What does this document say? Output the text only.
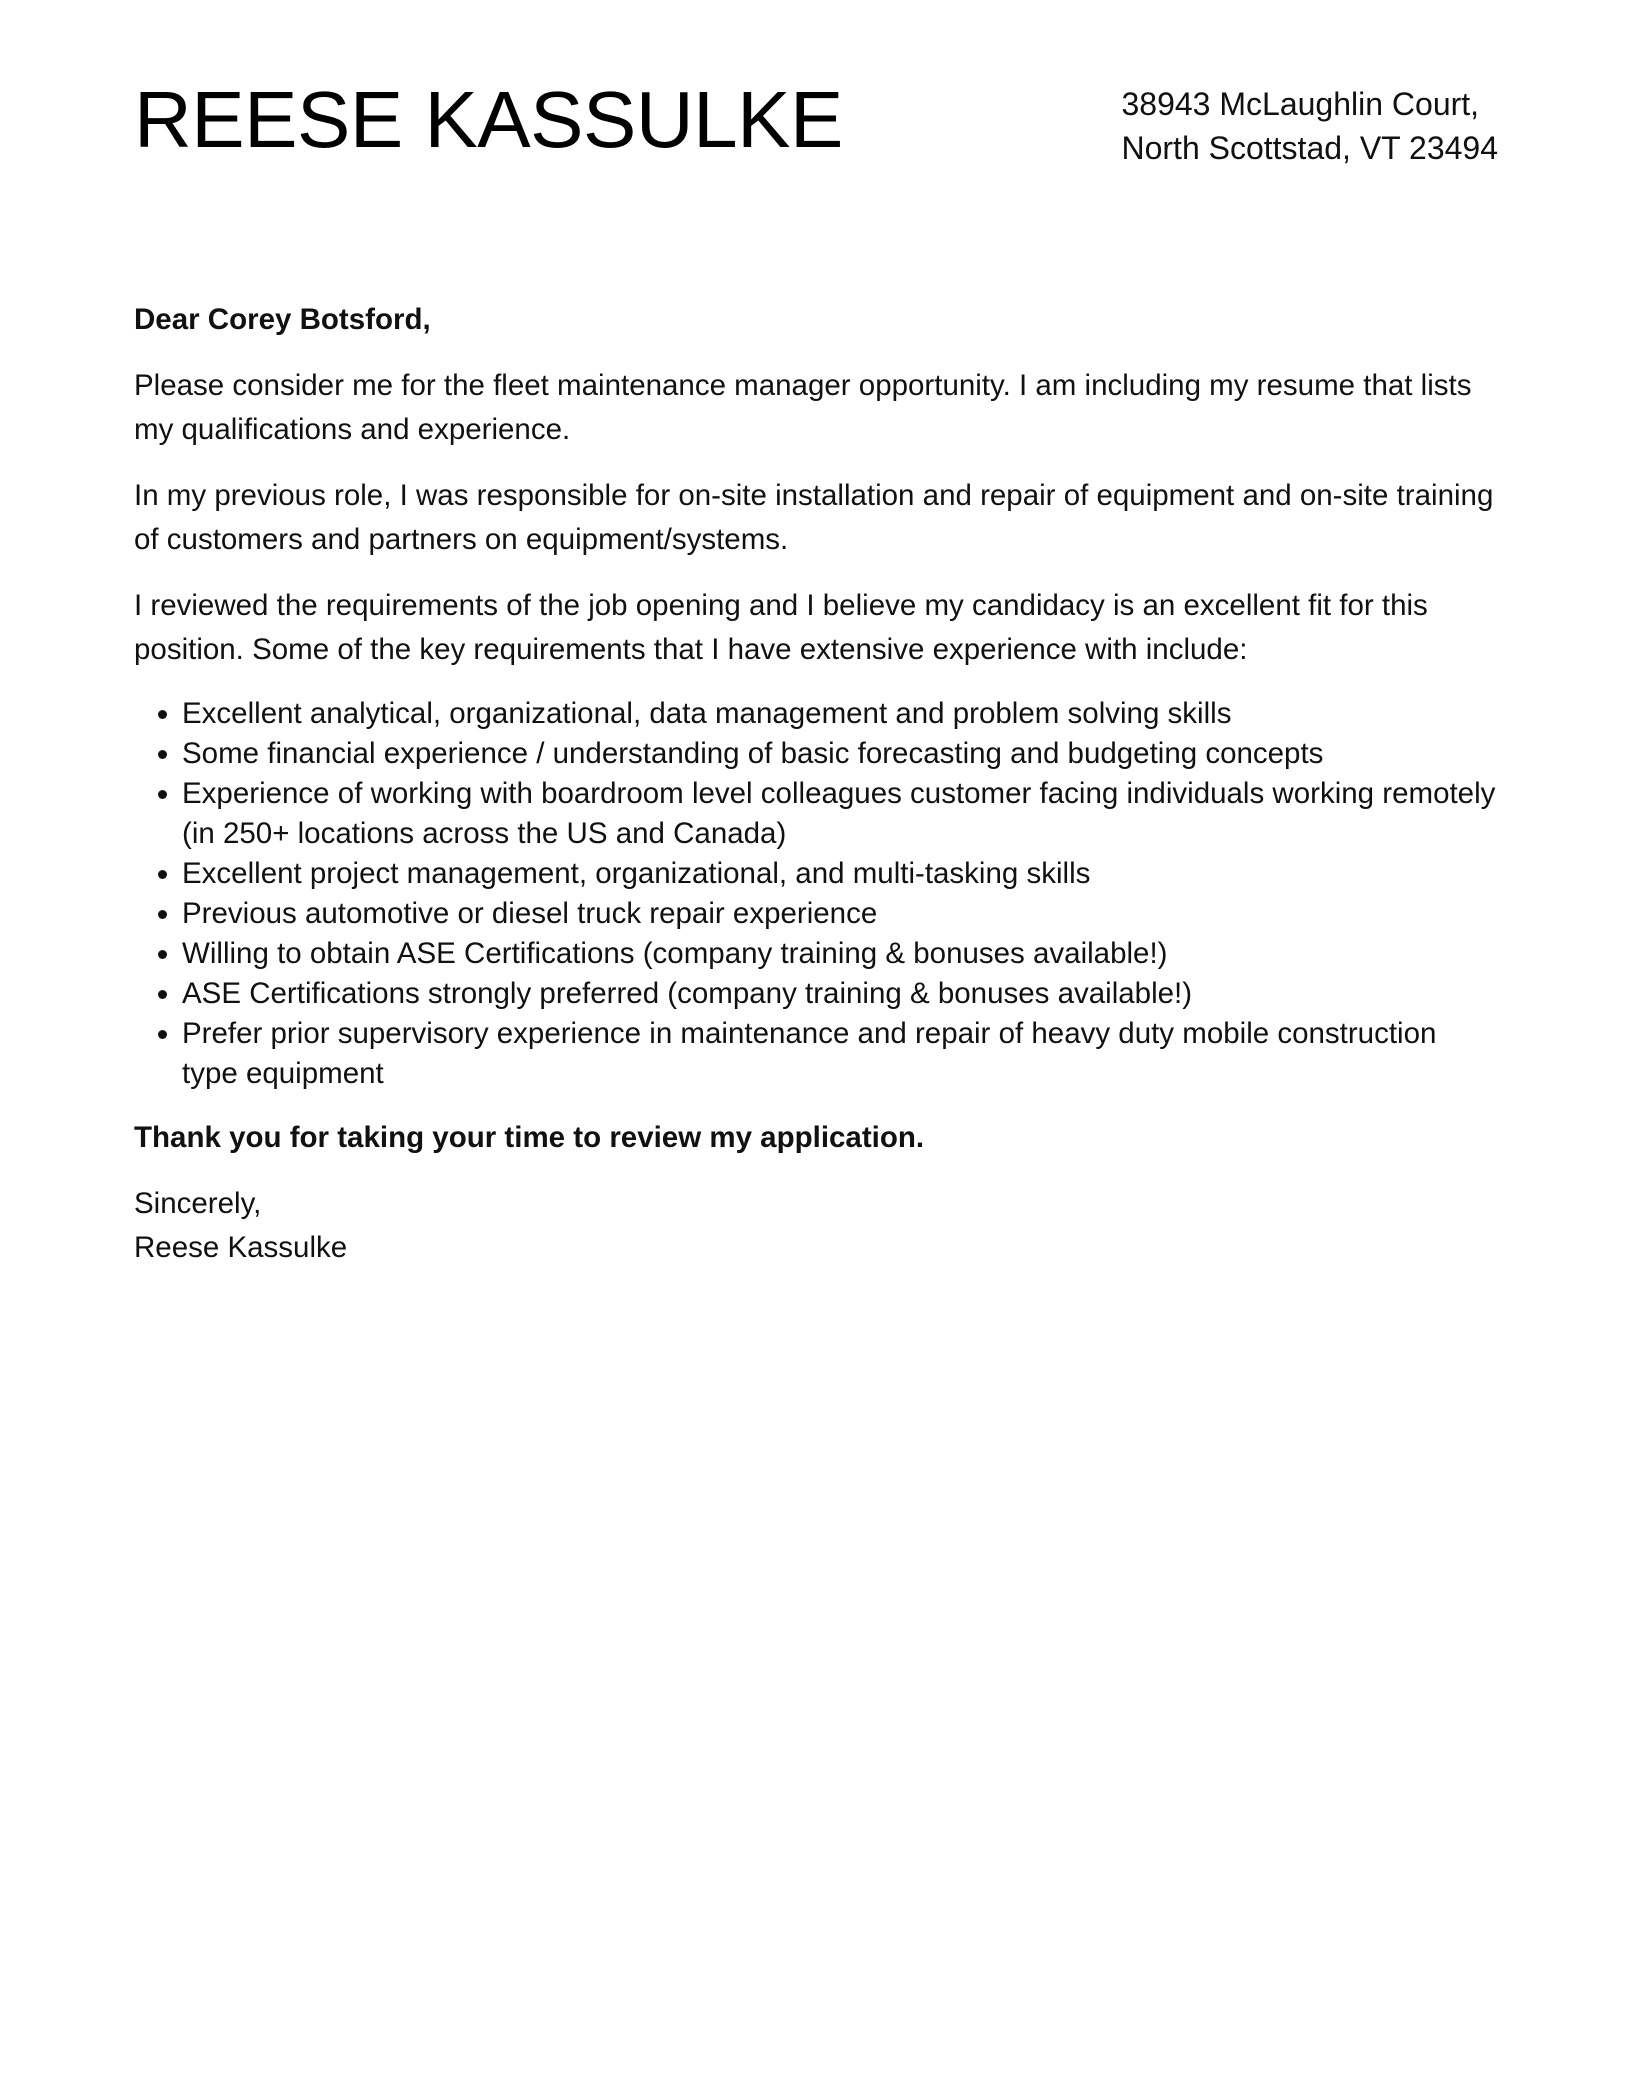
REESE KASSULKE	38943 McLaughlin Court,
North Scottstad, VT 23494

Dear Corey Botsford,

Please consider me for the fleet maintenance manager opportunity. I am including my resume that lists my qualifications and experience.

In my previous role, I was responsible for on-site installation and repair of equipment and on-site training of customers and partners on equipment/systems.

I reviewed the requirements of the job opening and I believe my candidacy is an excellent fit for this position. Some of the key requirements that I have extensive experience with include:

• Excellent analytical, organizational, data management and problem solving skills
• Some financial experience / understanding of basic forecasting and budgeting concepts
• Experience of working with boardroom level colleagues customer facing individuals working remotely (in 250+ locations across the US and Canada)
• Excellent project management, organizational, and multi-tasking skills
• Previous automotive or diesel truck repair experience
• Willing to obtain ASE Certifications (company training & bonuses available!)
• ASE Certifications strongly preferred (company training & bonuses available!)
• Prefer prior supervisory experience in maintenance and repair of heavy duty mobile construction type equipment

Thank you for taking your time to review my application.

Sincerely,
Reese Kassulke
